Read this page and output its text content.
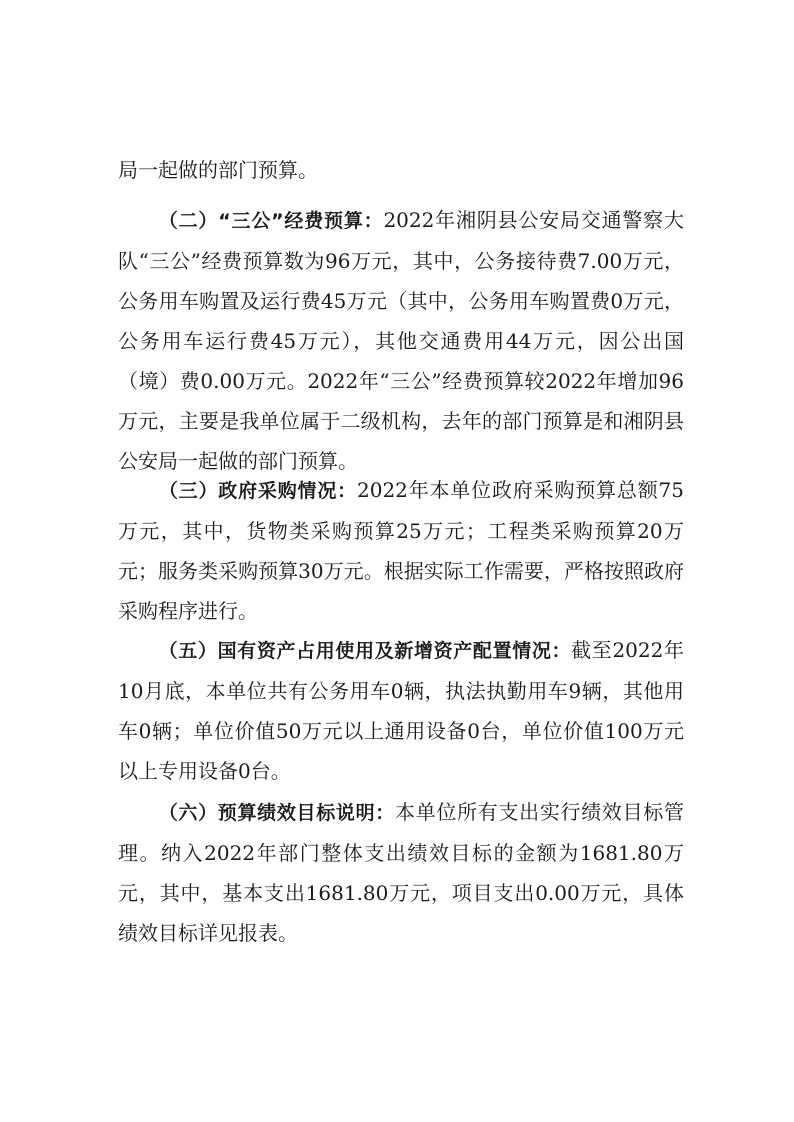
局一起做的部门预算。

（二）“三公”经费预算：2022年湘阴县公安局交通警察大队“三公”经费预算数为96万元，其中，公务接待费7.00万元，公务用车购置及运行费45万元（其中，公务用车购置费0万元，公务用车运行费45万元），其他交通费用44万元，因公出国（境）费0.00万元。2022年“三公”经费预算较2022年增加96万元，主要是我单位属于二级机构，去年的部门预算是和湘阴县公安局一起做的部门预算。

（三）政府采购情况：2022年本单位政府采购预算总额75万元，其中，货物类采购预算25万元；工程类采购预算20万元；服务类采购预算30万元。根据实际工作需要，严格按照政府采购程序进行。

（五）国有资产占用使用及新增资产配置情况：截至2022年10月底，本单位共有公务用车0辆，执法执勤用车9辆，其他用车0辆；单位价值50万元以上通用设备0台，单位价值100万元以上专用设备0台。

（六）预算绩效目标说明：本单位所有支出实行绩效目标管理。纳入2022年部门整体支出绩效目标的金额为1681.80万元，其中，基本支出1681.80万元，项目支出0.00万元，具体绩效目标详见报表。
